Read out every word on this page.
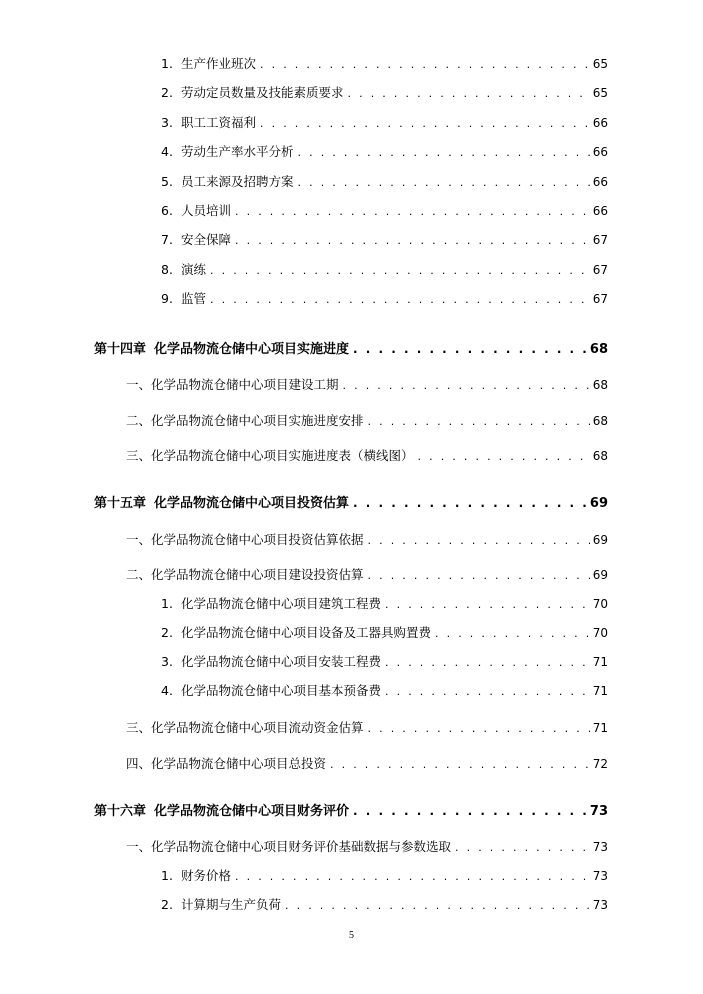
1. 生产作业班次 . . .	65
2. 劳动定员数量及技能素质要求 . . .	65
3. 职工工资福利 . . .	66
4. 劳动生产率水平分析 . . .	66
5. 员工来源及招聘方案 . . .	66
6. 人员培训 . . .	66
7. 安全保障 . . .	67
8. 演练 . . .	67
9. 监管 . . .	67
第十四章 化学品物流仓储中心项目实施进度 . . .	68
一、 化学品物流仓储中心项目建设工期 . . .	68
二、 化学品物流仓储中心项目实施进度安排 . . .	68
三、 化学品物流仓储中心项目实施进度表（横线图） . . .	68
第十五章 化学品物流仓储中心项目投资估算 . . .	69
一、 化学品物流仓储中心项目投资估算依据 . . .	69
二、 化学品物流仓储中心项目建设投资估算 . . .	69
1. 化学品物流仓储中心项目建筑工程费 . . .	70
2. 化学品物流仓储中心项目设备及工器具购置费 . . .	70
3. 化学品物流仓储中心项目安装工程费 . . .	71
4. 化学品物流仓储中心项目基本预备费 . . .	71
三、 化学品物流仓储中心项目流动资金估算 . . .	71
四、 化学品物流仓储中心项目总投资 . . .	72
第十六章 化学品物流仓储中心项目财务评价 . . .	73
一、 化学品物流仓储中心项目财务评价基础数据与参数选取 . . .	73
1. 财务价格 . . .	73
2. 计算期与生产负荷 . . .	73
5
